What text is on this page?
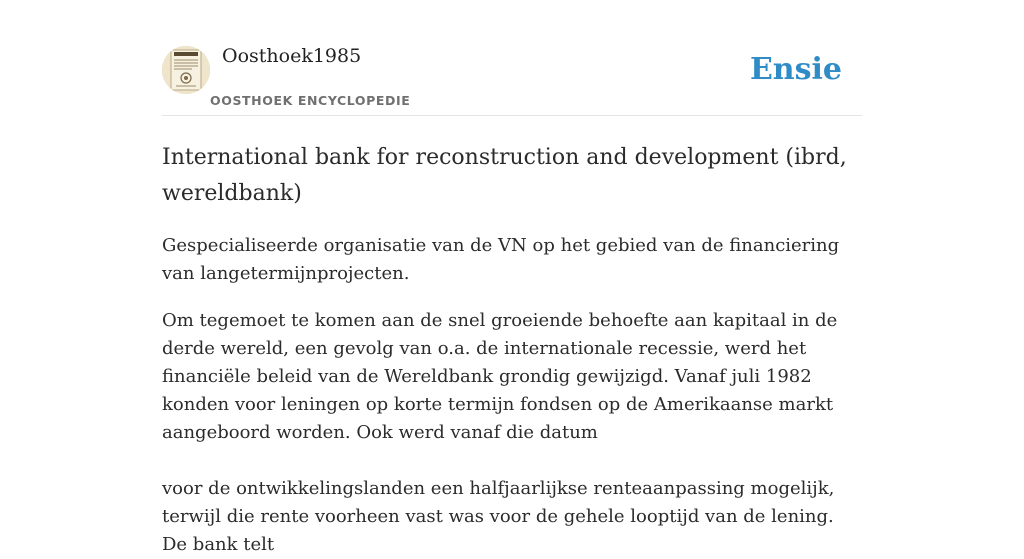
Oosthoek1985
OOSTHOEK ENCYCLOPEDIE
Ensie
International bank for reconstruction and development (ibrd, wereldbank)

Gespecialiseerde organisatie van de VN op het gebied van de financiering van langetermijnprojecten.

Om tegemoet te komen aan de snel groeiende behoefte aan kapitaal in de derde wereld, een gevolg van o.a. de internationale recessie, werd het financiële beleid van de Wereldbank grondig gewijzigd. Vanaf juli 1982 konden voor leningen op korte termijn fondsen op de Amerikaanse markt aangeboord worden. Ook werd vanaf die datum

voor de ontwikkelingslanden een halfjaarlijkse renteaanpassing mogelijk, terwijl die rente voorheen vast was voor de gehele looptijd van de lening. De bank telt
